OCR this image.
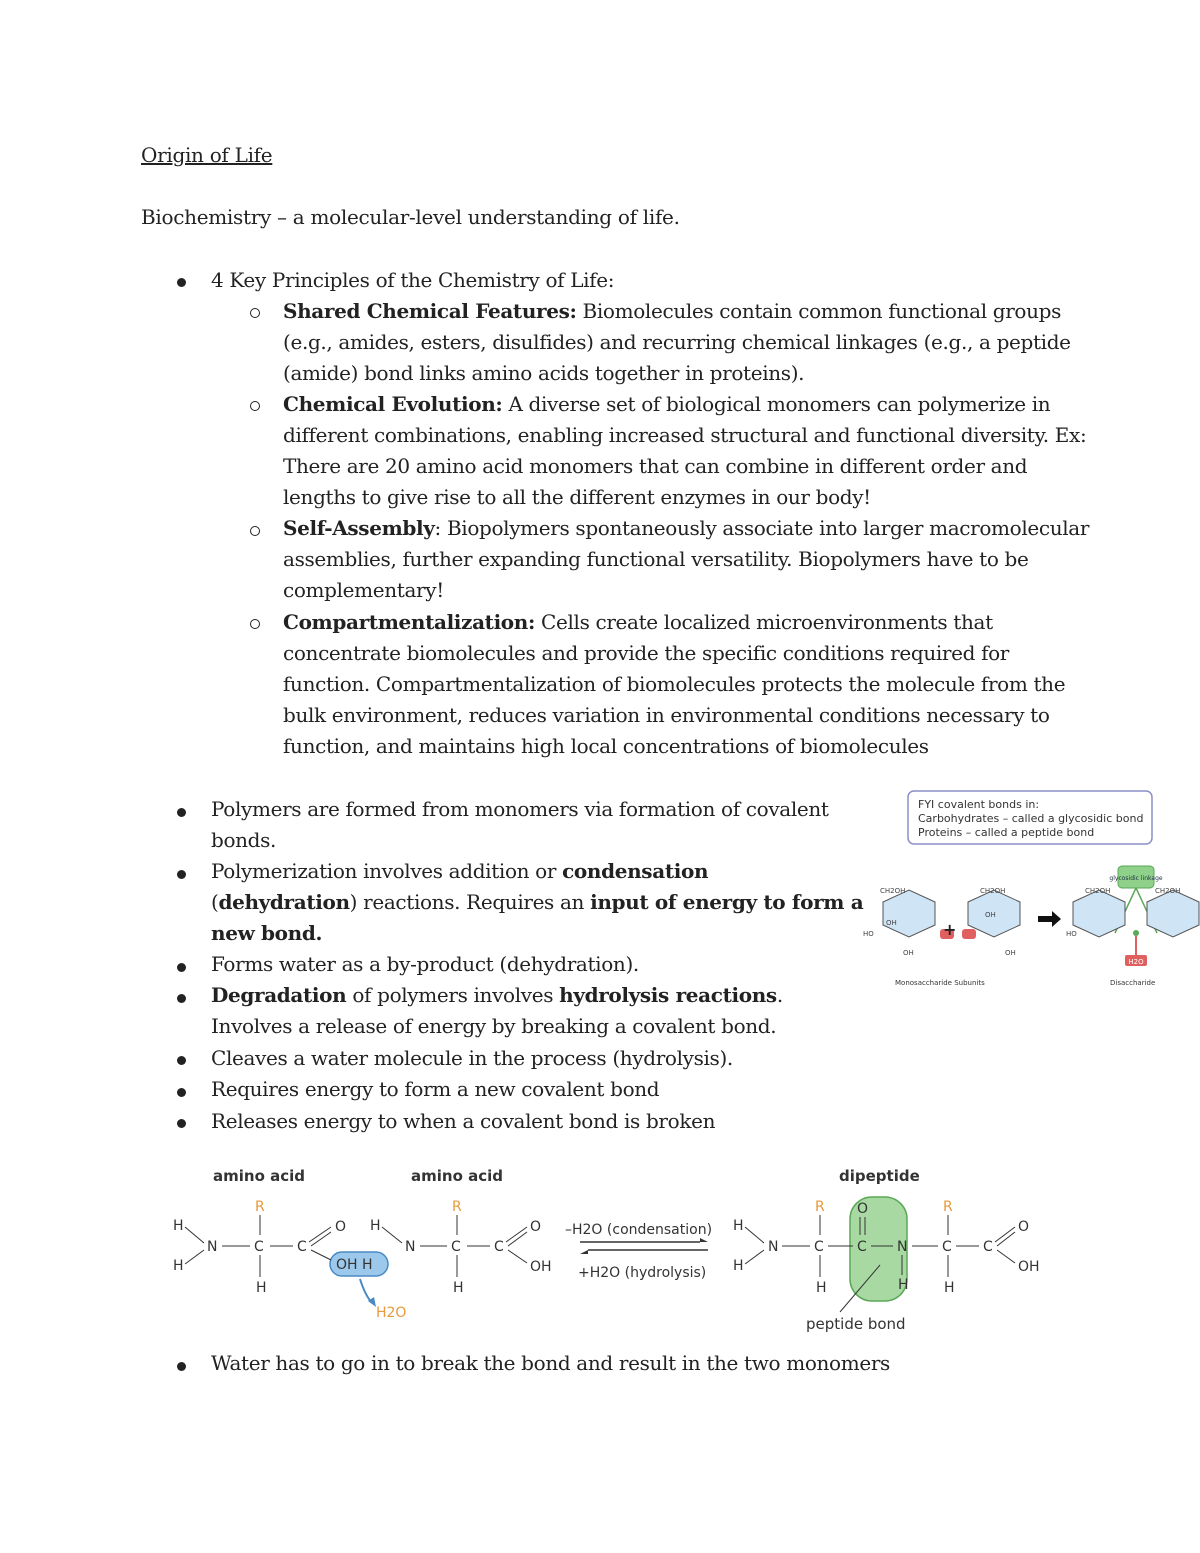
Origin of Life
Biochemistry – a molecular-level understanding of life.
4 Key Principles of the Chemistry of Life:
Shared Chemical Features: Biomolecules contain common functional groups
(e.g., amides, esters, disulfides) and recurring chemical linkages (e.g., a peptide
(amide) bond links amino acids together in proteins).
Chemical Evolution: A diverse set of biological monomers can polymerize in
different combinations, enabling increased structural and functional diversity. Ex:
There are 20 amino acid monomers that can combine in different order and
lengths to give rise to all the different enzymes in our body!
Self-Assembly: Biopolymers spontaneously associate into larger macromolecular
assemblies, further expanding functional versatility. Biopolymers have to be
complementary!
Compartmentalization: Cells create localized microenvironments that
concentrate biomolecules and provide the specific conditions required for
function. Compartmentalization of biomolecules protects the molecule from the
bulk environment, reduces variation in environmental conditions necessary to
function, and maintains high local concentrations of biomolecules
Polymers are formed from monomers via formation of covalent
bonds.
Polymerization involves addition or condensation
(dehydration) reactions. Requires an input of energy to form a
new bond.
Forms water as a by-product (dehydration).
Degradation of polymers involves hydrolysis reactions.
Involves a release of energy by breaking a covalent bond.
Cleaves a water molecule in the process (hydrolysis).
Requires energy to form a new covalent bond
Releases energy to when a covalent bond is broken
FYI covalent bonds in:
Carbohydrates – called a glycosidic bond
Proteins – called a peptide bond
glycosidic linkage
CH2OH
OH
HO
OH
+
CH2OH
OH
OH
CH2OH	CH2OH
HO
H2O
Monosaccharide Subunits	Disaccharide
amino acid	amino acid	dipeptide
H
H
N	C
R
H
C
O
OH H
H2O
H
N	C
R
H
C
O
OH
–H2O (condensation)
+H2O (hydrolysis)
H
H
N	C
R
H
O
C N
H
C
R
H
C
O
OH
peptide bond
Water has to go in to break the bond and result in the two monomers
